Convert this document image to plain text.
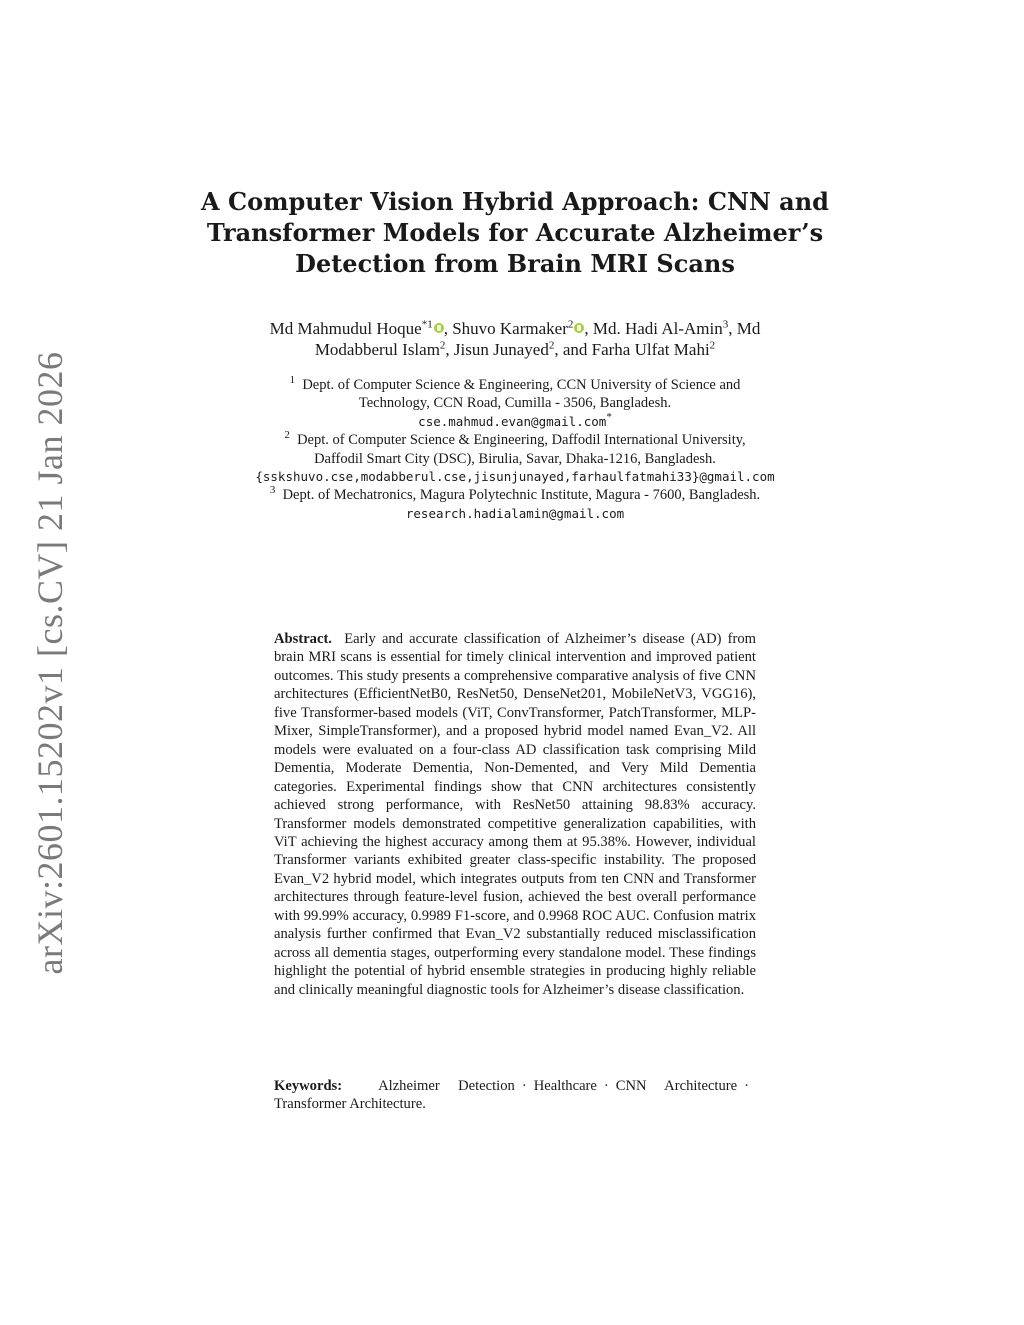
arXiv:2601.15202v1 [cs.CV] 21 Jan 2026
A Computer Vision Hybrid Approach: CNN and
Transformer Models for Accurate Alzheimer’s
Detection from Brain MRI Scans
Md Mahmudul Hoque$^{*1}$ , Shuvo Karmaker$^2$ , Md. Hadi Al-Amin$^3$, Md
Modabberul Islam$^2$, Jisun Junayed$^2$, and Farha Ulfat Mahi$^2$
$^1$ Dept. of Computer Science & Engineering, CCN University of Science and
Technology, CCN Road, Cumilla - 3506, Bangladesh.
cse.mahmud.evan@gmail.com*
$^2$ Dept. of Computer Science & Engineering, Daffodil International University,
Daffodil Smart City (DSC), Birulia, Savar, Dhaka-1216, Bangladesh.
{sskshuvo.cse,modabberul.cse,jisunjunayed,farhaulfatmahi33}@gmail.com
$^3$ Dept. of Mechatronics, Magura Polytechnic Institute, Magura - 7600, Bangladesh.
research.hadialamin@gmail.com

Abstract. Early and accurate classification of Alzheimer’s disease (AD) from brain MRI scans is essential for timely clinical intervention and improved patient outcomes. This study presents a comprehensive comparative analysis of five CNN architectures (EfficientNetB0, ResNet50, DenseNet201, MobileNetV3, VGG16), five Transformer-based models (ViT, ConvTransformer, PatchTransformer, MLP-Mixer, SimpleTransformer), and a proposed hybrid model named Evan_V2. All models were evaluated on a four-class AD classification task comprising Mild Dementia, Moderate Dementia, Non-Demented, and Very Mild Dementia categories. Experimental findings show that CNN architectures consistently achieved strong performance, with ResNet50 attaining 98.83% accuracy. Transformer models demonstrated competitive generalization capabilities, with ViT achieving the highest accuracy among them at 95.38%. However, individual Transformer variants exhibited greater class-specific instability. The proposed Evan_V2 hybrid model, which integrates outputs from ten CNN and Transformer architectures through feature-level fusion, achieved the best overall performance with 99.99% accuracy, 0.9989 F1-score, and 0.9968 ROC AUC. Confusion matrix analysis further confirmed that Evan_V2 substantially reduced misclassification across all dementia stages, outperforming every standalone model. These findings highlight the potential of hybrid ensemble strategies in producing highly reliable and clinically meaningful diagnostic tools for Alzheimer’s disease classification.

Keywords: Alzheimer Detection · Healthcare · CNN Architecture · Transformer Architecture.
